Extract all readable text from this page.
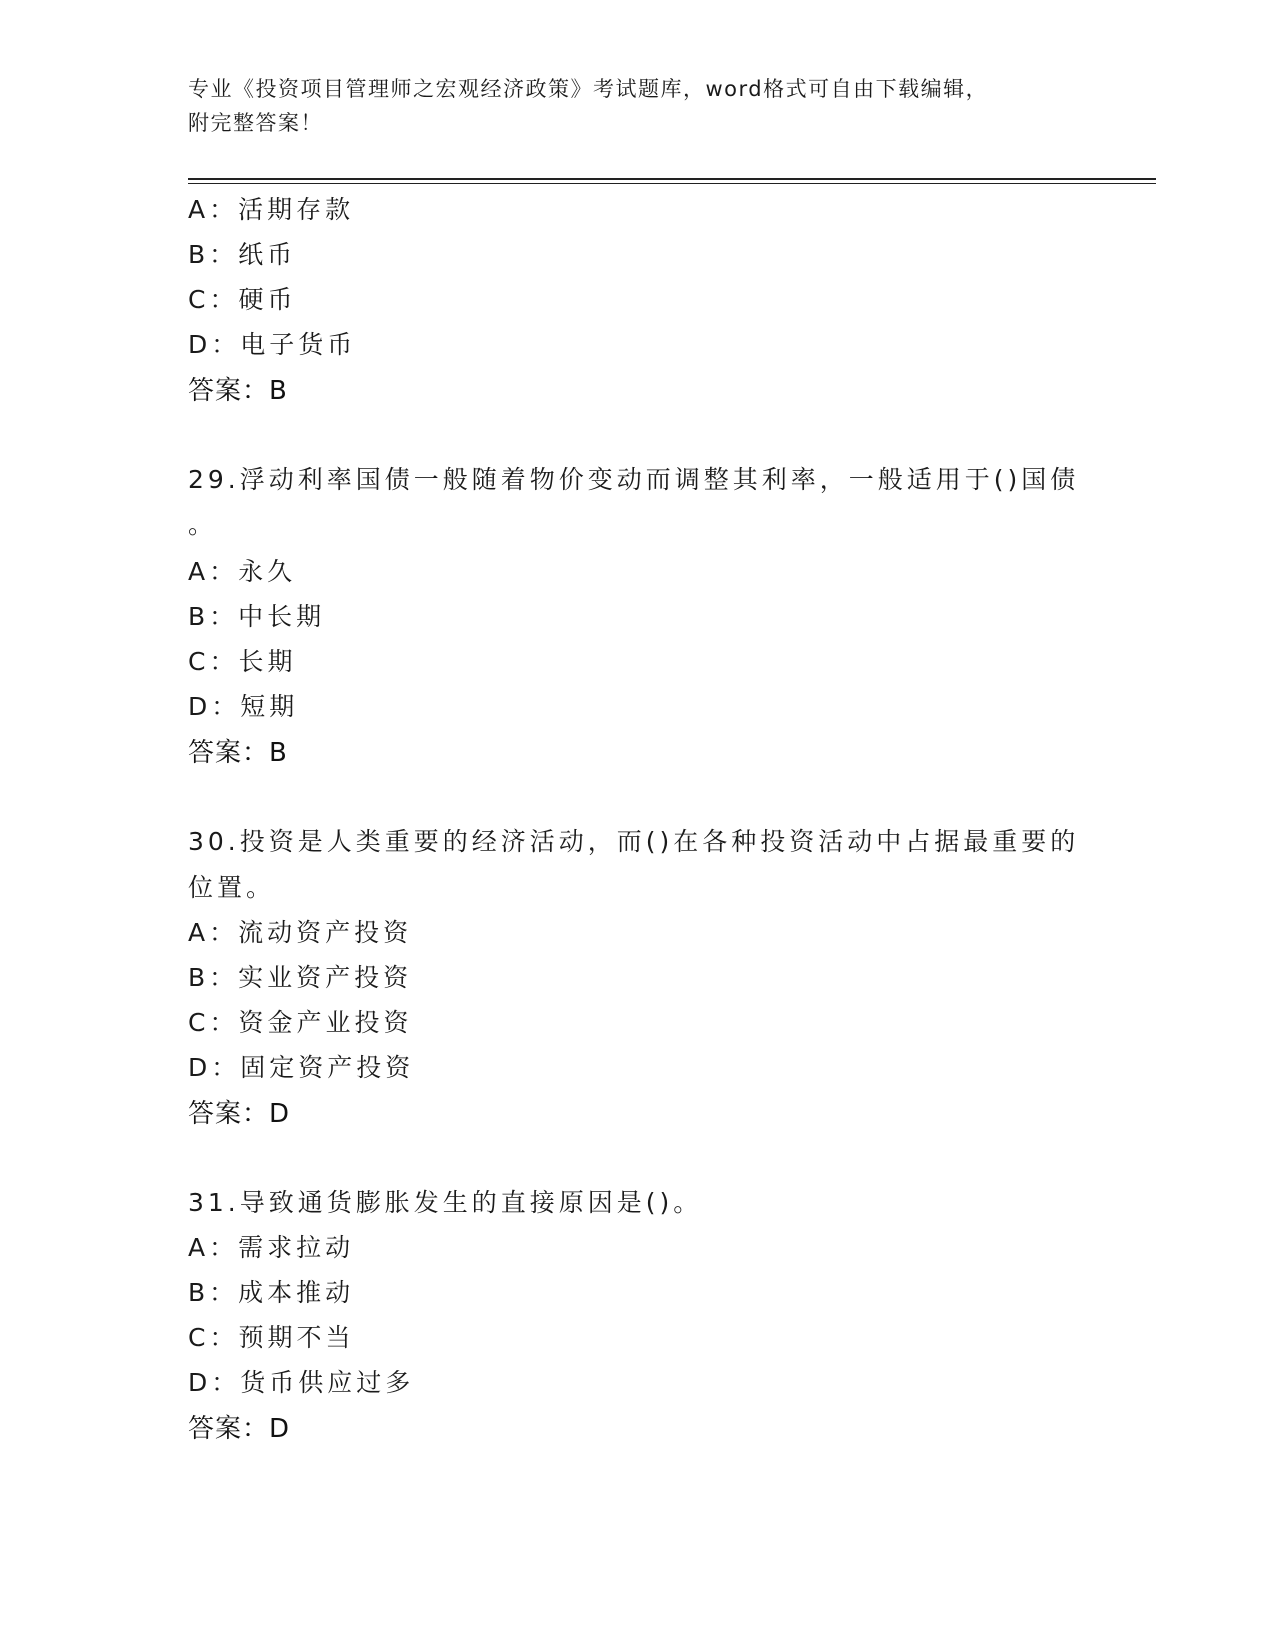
专业《投资项目管理师之宏观经济政策》考试题库，word格式可自由下载编辑，
附完整答案！
A：活期存款
B：纸币
C：硬币
D：电子货币
答案：B
29.浮动利率国债一般随着物价变动而调整其利率，一般适用于()国债
。
A：永久
B：中长期
C：长期
D：短期
答案：B
30.投资是人类重要的经济活动，而()在各种投资活动中占据最重要的
位置。
A：流动资产投资
B：实业资产投资
C：资金产业投资
D：固定资产投资
答案：D
31.导致通货膨胀发生的直接原因是()。
A：需求拉动
B：成本推动
C：预期不当
D：货币供应过多
答案：D
